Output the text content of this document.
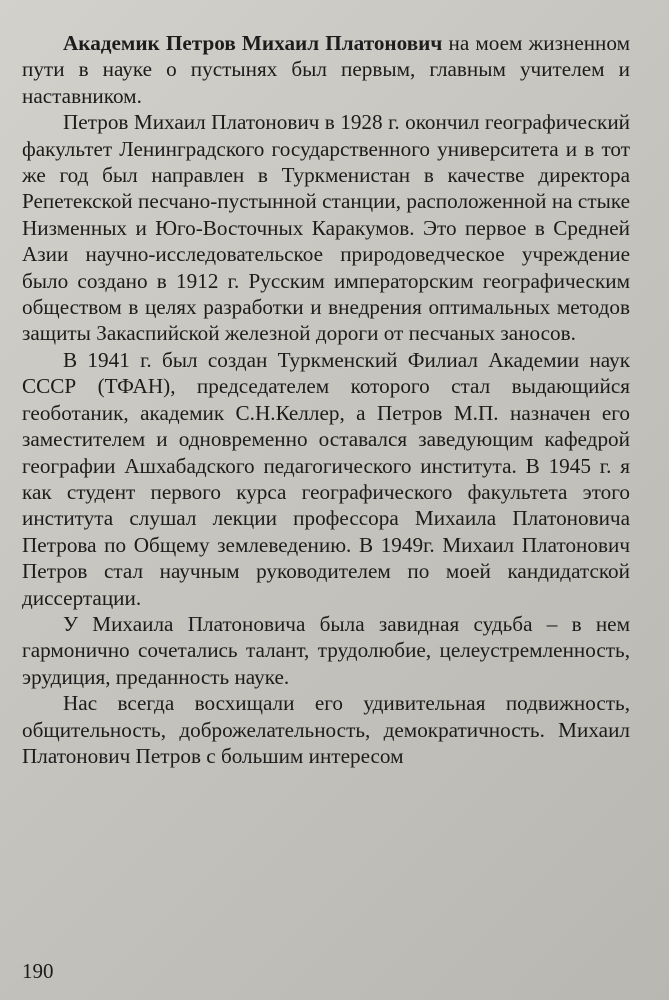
Академик Петров Михаил Платонович на моем жизненном пути в науке о пустынях был первым, главным учителем и наставником.

Петров Михаил Платонович в 1928 г. окончил географический факультет Ленинградского государственного университета и в тот же год был направлен в Туркменистан в качестве директора Репетекской песчано-пустынной станции, расположенной на стыке Низменных и Юго-Восточных Каракумов. Это первое в Средней Азии научно-исследовательское природоведческое учреждение было создано в 1912 г. Русским императорским географическим обществом в целях разработки и внедрения оптимальных методов защиты Закаспийской железной дороги от песчаных заносов.

В 1941 г. был создан Туркменский Филиал Академии наук СССР (ТФАН), председателем которого стал выдающийся геоботаник, академик С.Н.Келлер, а Петров М.П. назначен его заместителем и одновременно оставался заведующим кафедрой географии Ашхабадского педагогического института. В 1945 г. я как студент первого курса географического факультета этого института слушал лекции профессора Михаила Платоновича Петрова по Общему землеведению. В 1949г. Михаил Платонович Петров стал научным руководителем по моей кандидатской диссертации.

У Михаила Платоновича была завидная судьба – в нем гармонично сочетались талант, трудолюбие, целеустремленность, эрудиция, преданность науке.

Нас всегда восхищали его удивительная подвижность, общительность, доброжелательность, демократичность. Михаил Платонович Петров с большим интересом

190
